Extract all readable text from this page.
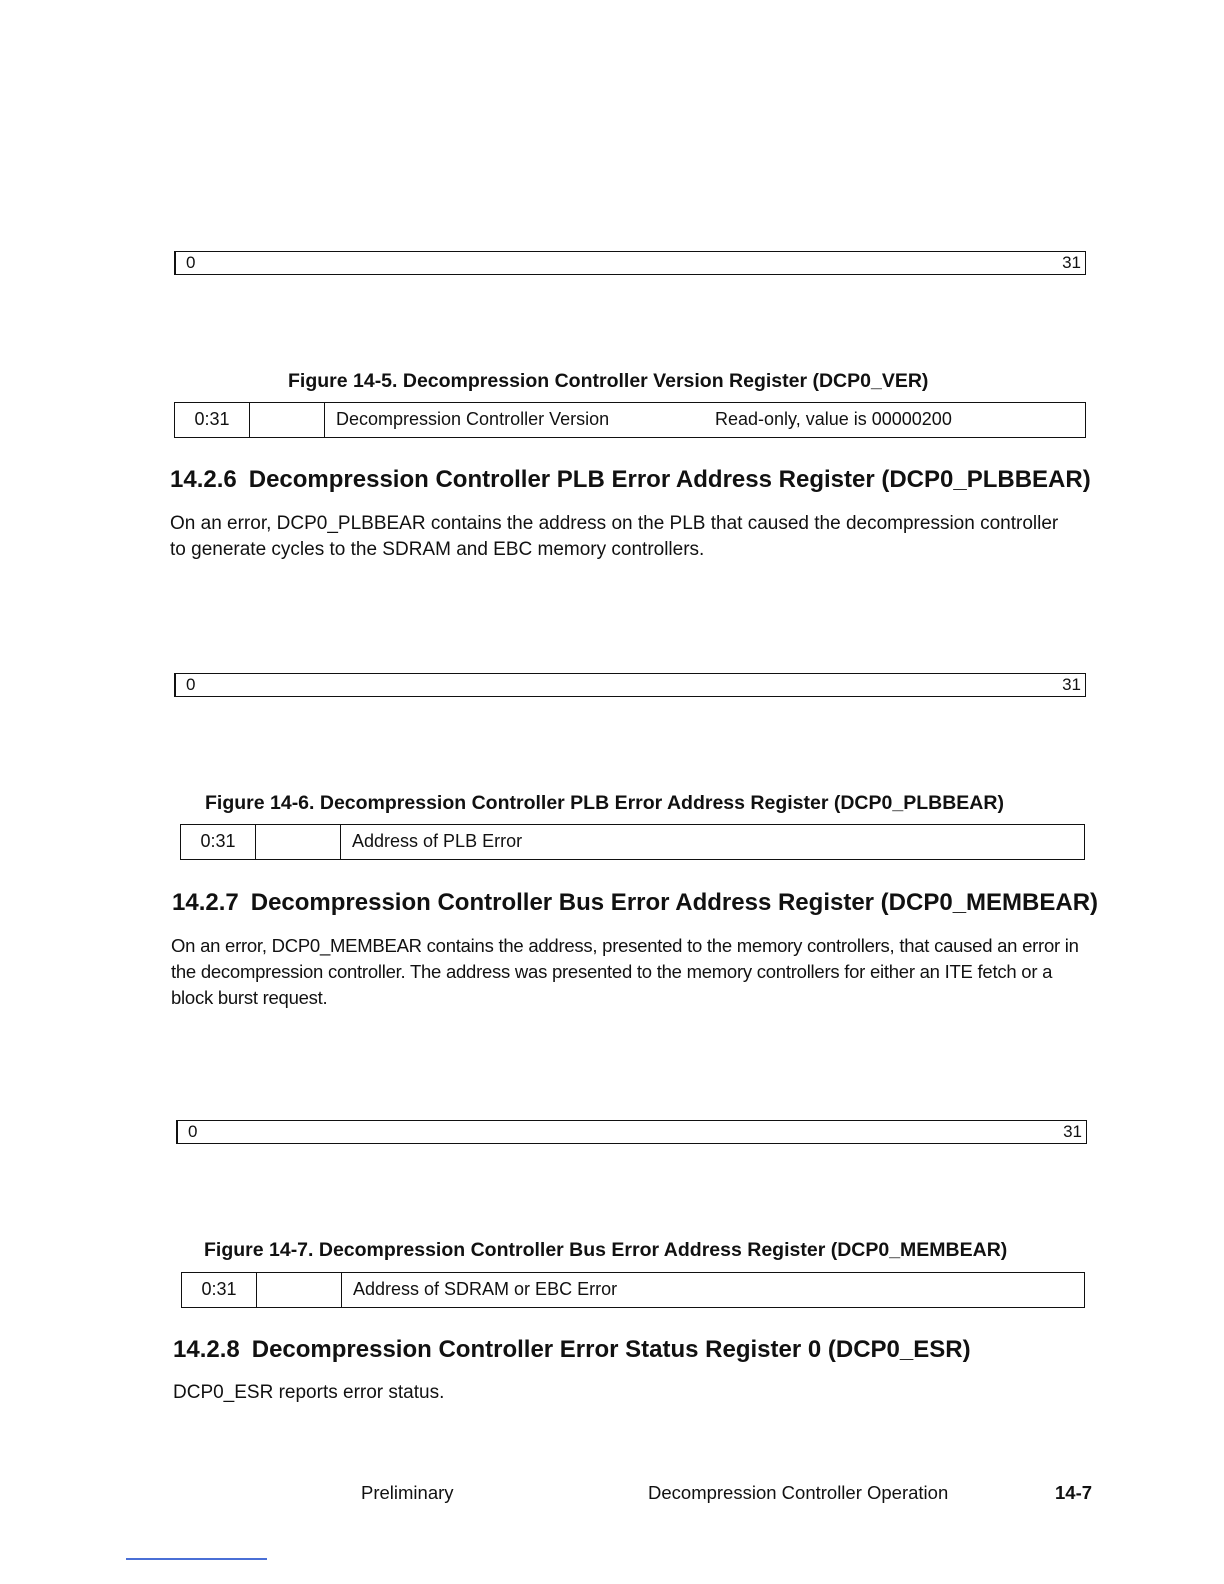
0	31
Figure 14-5. Decompression Controller Version Register (DCP0_VER)
0:31	Decompression Controller Version	Read-only, value is 00000200
14.2.6 Decompression Controller PLB Error Address Register (DCP0_PLBBEAR)
On an error, DCP0_PLBBEAR contains the address on the PLB that caused the decompression controller to generate cycles to the SDRAM and EBC memory controllers.
0	31
Figure 14-6. Decompression Controller PLB Error Address Register (DCP0_PLBBEAR)
0:31	Address of PLB Error
14.2.7 Decompression Controller Bus Error Address Register (DCP0_MEMBEAR)
On an error, DCP0_MEMBEAR contains the address, presented to the memory controllers, that caused an error in the decompression controller. The address was presented to the memory controllers for either an ITE fetch or a block burst request.
0	31
Figure 14-7. Decompression Controller Bus Error Address Register (DCP0_MEMBEAR)
0:31	Address of SDRAM or EBC Error
14.2.8 Decompression Controller Error Status Register 0 (DCP0_ESR)
DCP0_ESR reports error status.
Preliminary	Decompression Controller Operation	14-7
